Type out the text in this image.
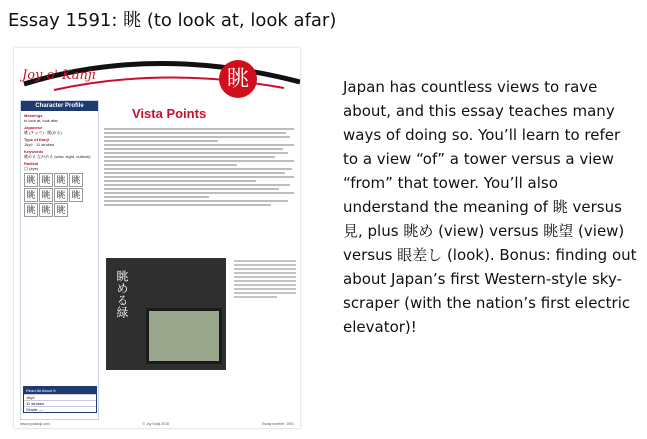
Essay 1591: 眺 (to look at, look afar)
Joy o' Kanji	眺
Character Profile
Meanings
to look at, look afar
Japanese
眺 (チョウ) · 眺(める)
Type of Kanji
Jōyō · 11 strokes
Keywords
眺める ながめる (view, sight, outlook)
Radical
目 (eye)
眺 眺 眺 眺
眺 眺 眺 眺
眺 眺 眺
Read All About It
Jōyō
11 strokes
Grade: —
Vista Points
眺める緑
www.joyokanji.com	© Joy Kanji 2015	Essay number: 1591
Japan has countless views to rave about, and this essay teaches many ways of doing so. You’ll learn to refer to a view “of” a tower versus a view “from” that tower. You’ll also understand the meaning of 眺 versus 見, plus 眺め (view) versus 眺望 (view) versus 眼差し (look). Bonus: finding out about Japan’s first Western-style sky-scraper (with the nation’s first electric elevator)!
